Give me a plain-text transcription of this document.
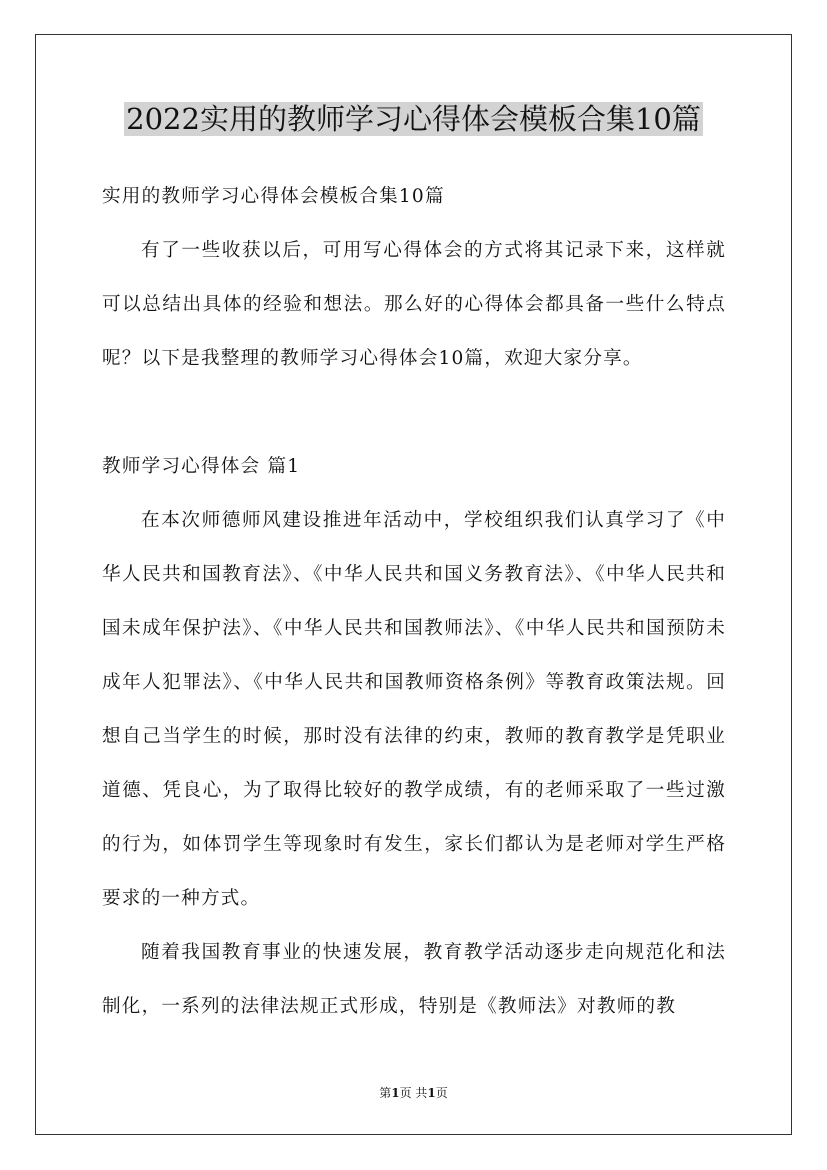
2022实用的教师学习心得体会模板合集10篇

实用的教师学习心得体会模板合集10篇

有了一些收获以后，可用写心得体会的方式将其记录下来，这样就可以总结出具体的经验和想法。那么好的心得体会都具备一些什么特点呢？以下是我整理的教师学习心得体会10篇，欢迎大家分享。

教师学习心得体会 篇1

在本次师德师风建设推进年活动中，学校组织我们认真学习了《中华人民共和国教育法》、《中华人民共和国义务教育法》、《中华人民共和国未成年保护法》、《中华人民共和国教师法》、《中华人民共和国预防未成年人犯罪法》、《中华人民共和国教师资格条例》等教育政策法规。回想自己当学生的时候，那时没有法律的约束，教师的教育教学是凭职业道德、凭良心，为了取得比较好的教学成绩，有的老师采取了一些过激的行为，如体罚学生等现象时有发生，家长们都认为是老师对学生严格要求的一种方式。

随着我国教育事业的快速发展，教育教学活动逐步走向规范化和法制化，一系列的法律法规正式形成，特别是《教师法》对教师的教

第1页 共1页
